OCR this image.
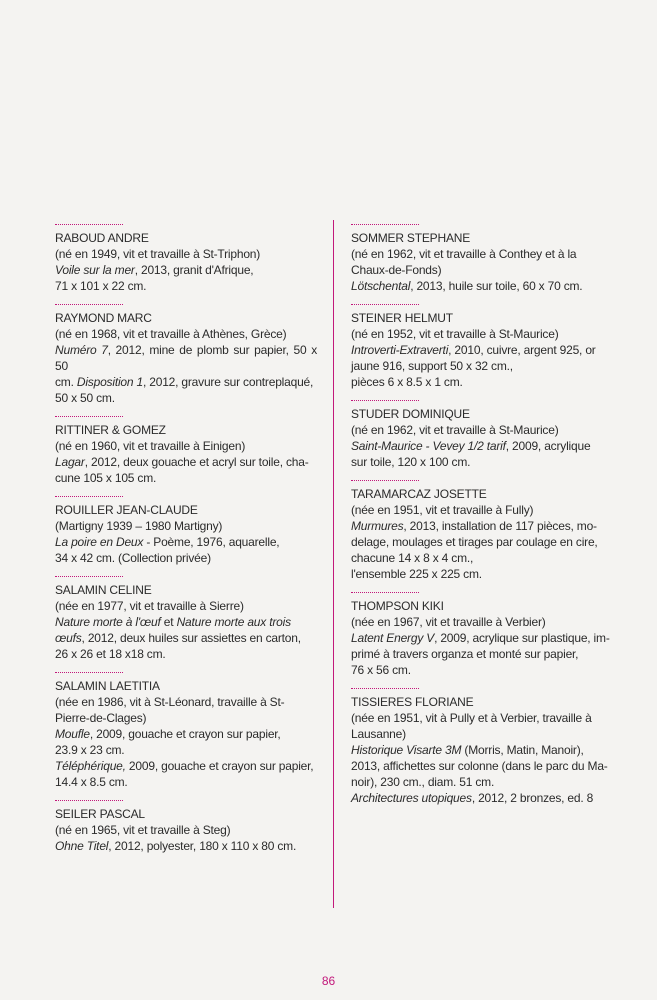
RABOUD ANDRE

(né en 1949, vit et travaille à St-Triphon)

Voile sur la mer, 2013, granit d'Afrique,

71 x 101 x 22 cm.

RAYMOND MARC

(né en 1968, vit et travaille à Athènes, Grèce)

Numéro 7, 2012, mine de plomb sur papier, 50 x 50

cm. Disposition 1, 2012, gravure sur contreplaqué,

50 x 50 cm.

RITTINER & GOMEZ

(né en 1960, vit et travaille à Einigen)

Lagar, 2012, deux gouache et acryl sur toile, cha-

cune 105 x 105 cm.

ROUILLER JEAN-CLAUDE

(Martigny 1939 – 1980 Martigny)

La poire en Deux - Poème, 1976, aquarelle,

34 x 42 cm. (Collection privée)

SALAMIN CELINE

(née en 1977, vit et travaille à Sierre)

Nature morte à l'œuf et Nature morte aux trois

œufs, 2012, deux huiles sur assiettes en carton,

26 x 26 et 18 x18 cm.

SALAMIN LAETITIA

(née en 1986, vit à St-Léonard, travaille à St-

Pierre-de-Clages)

Moufle, 2009, gouache et crayon sur papier,

23.9 x 23 cm.

Téléphérique, 2009, gouache et crayon sur papier,

14.4 x 8.5 cm.

SEILER PASCAL

(né en 1965, vit et travaille à Steg)

Ohne Titel, 2012, polyester, 180 x 110 x 80 cm.

SOMMER STEPHANE

(né en 1962, vit et travaille à Conthey et à la

Chaux-de-Fonds)

Lötschental, 2013, huile sur toile, 60 x 70 cm.

STEINER HELMUT

(né en 1952, vit et travaille à St-Maurice)

Introverti-Extraverti, 2010, cuivre, argent 925, or

jaune 916, support 50 x 32 cm.,

pièces 6 x 8.5 x 1 cm.

STUDER DOMINIQUE

(né en 1962, vit et travaille à St-Maurice)

Saint-Maurice - Vevey 1/2 tarif, 2009, acrylique

sur toile, 120 x 100 cm.

TARAMARCAZ JOSETTE

(née en 1951, vit et travaille à Fully)

Murmures, 2013, installation de 117 pièces, mo-

delage, moulages et tirages par coulage en cire,

chacune 14 x 8 x 4 cm.,

l'ensemble 225 x 225 cm.

THOMPSON KIKI

(née en 1967, vit et travaille à Verbier)

Latent Energy V, 2009, acrylique sur plastique, im-

primé à travers organza et monté sur papier,

76 x 56 cm.

TISSIERES FLORIANE

(née en 1951, vit à Pully et à Verbier, travaille à

Lausanne)

Historique Visarte 3M (Morris, Matin, Manoir),

2013, affichettes sur colonne (dans le parc du Ma-

noir), 230 cm., diam. 51 cm.

Architectures utopiques, 2012, 2 bronzes, ed. 8

86
